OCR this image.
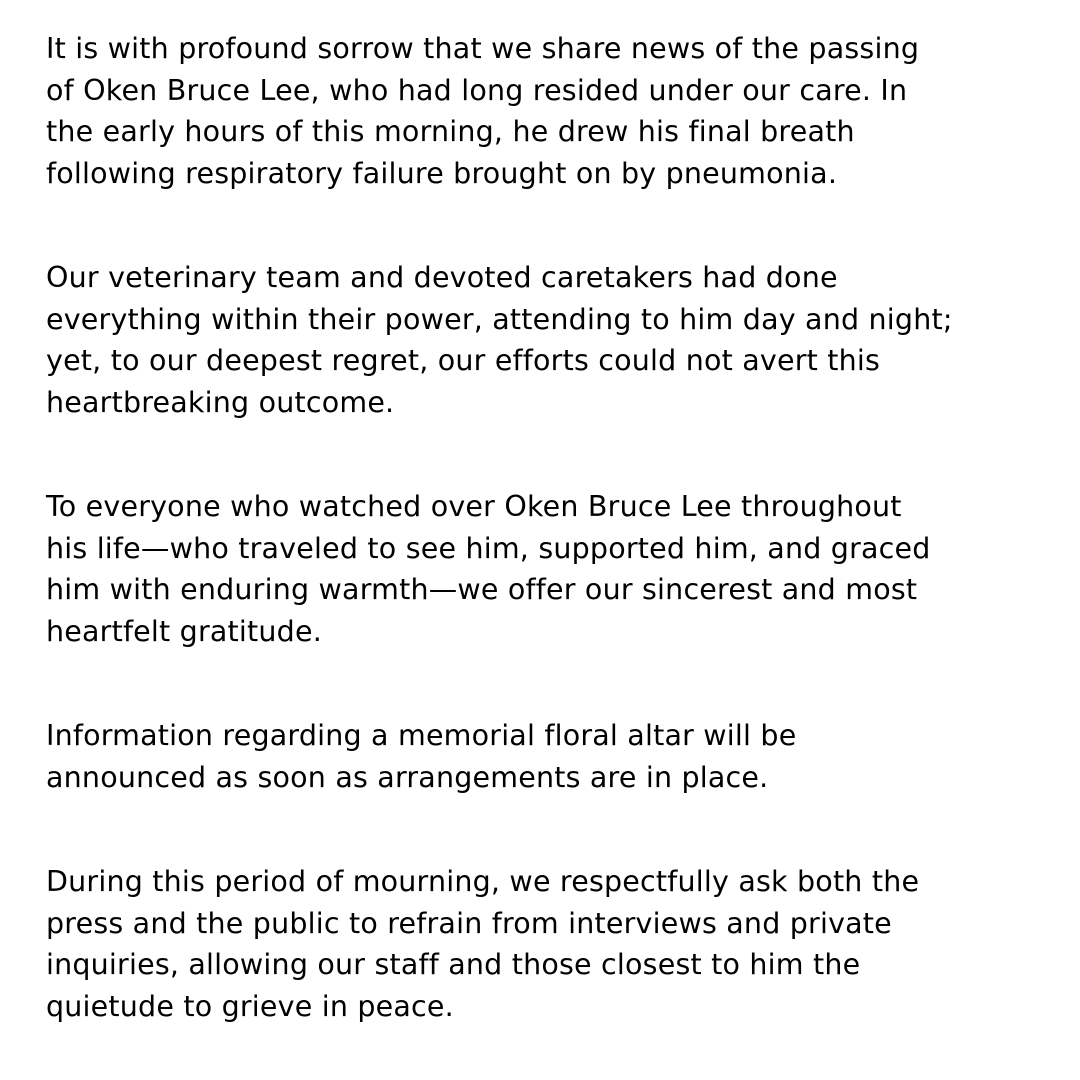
It is with profound sorrow that we share news of the passing
of Oken Bruce Lee, who had long resided under our care. In
the early hours of this morning, he drew his final breath
following respiratory failure brought on by pneumonia.

Our veterinary team and devoted caretakers had done
everything within their power, attending to him day and night;
yet, to our deepest regret, our efforts could not avert this
heartbreaking outcome.

To everyone who watched over Oken Bruce Lee throughout
his life—who traveled to see him, supported him, and graced
him with enduring warmth—we offer our sincerest and most
heartfelt gratitude.

Information regarding a memorial floral altar will be
announced as soon as arrangements are in place.

During this period of mourning, we respectfully ask both the
press and the public to refrain from interviews and private
inquiries, allowing our staff and those closest to him the
quietude to grieve in peace.
